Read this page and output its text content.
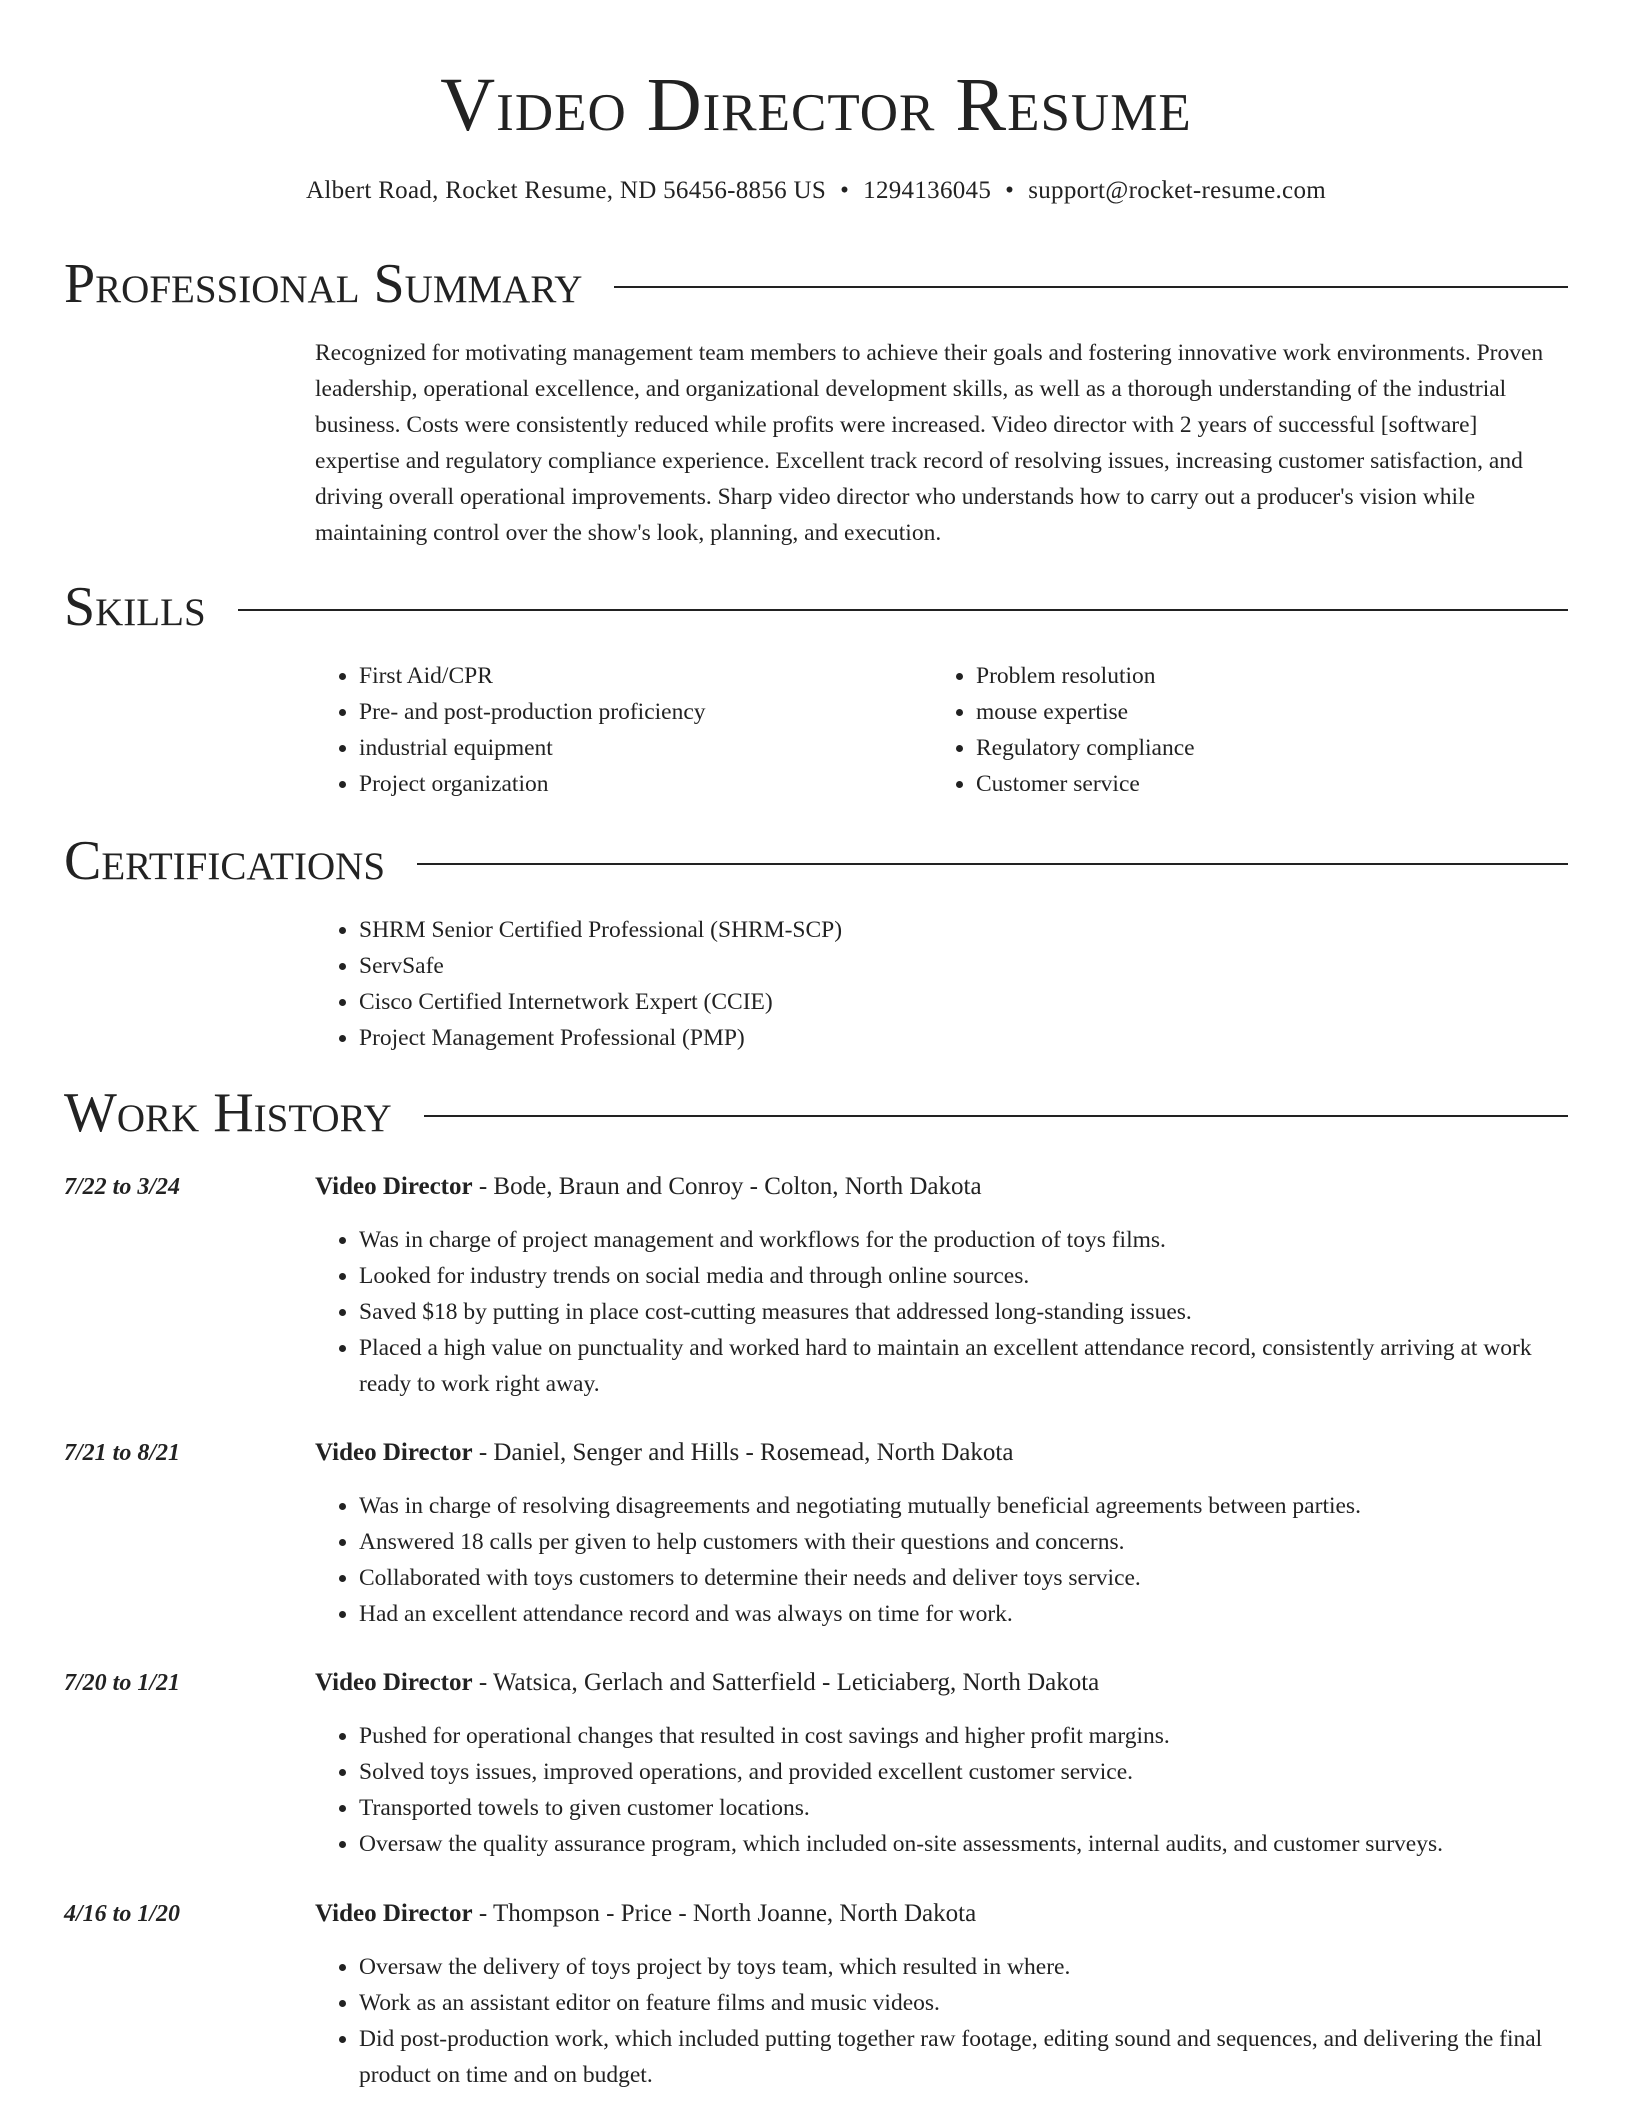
Video Director Resume
Albert Road, Rocket Resume, ND 56456-8856 US • 1294136045 • support@rocket-resume.com
Professional Summary

Recognized for motivating management team members to achieve their goals and fostering innovative work environments. Proven leadership, operational excellence, and organizational development skills, as well as a thorough understanding of the industrial business. Costs were consistently reduced while profits were increased. Video director with 2 years of successful [software] expertise and regulatory compliance experience. Excellent track record of resolving issues, increasing customer satisfaction, and driving overall operational improvements. Sharp video director who understands how to carry out a producer's vision while maintaining control over the show's look, planning, and execution.

Skills
• First Aid/CPR
• Pre- and post-production proficiency
• industrial equipment
• Project organization
• Problem resolution
• mouse expertise
• Regulatory compliance
• Customer service
Certifications
• SHRM Senior Certified Professional (SHRM-SCP)
• ServSafe
• Cisco Certified Internetwork Expert (CCIE)
• Project Management Professional (PMP)
Work History
7/22 to 3/24	Video Director - Bode, Braun and Conroy - Colton, North Dakota
• Was in charge of project management and workflows for the production of toys films.
• Looked for industry trends on social media and through online sources.
• Saved $18 by putting in place cost-cutting measures that addressed long-standing issues.
• Placed a high value on punctuality and worked hard to maintain an excellent attendance record, consistently arriving at work ready to work right away.
7/21 to 8/21	Video Director - Daniel, Senger and Hills - Rosemead, North Dakota
• Was in charge of resolving disagreements and negotiating mutually beneficial agreements between parties.
• Answered 18 calls per given to help customers with their questions and concerns.
• Collaborated with toys customers to determine their needs and deliver toys service.
• Had an excellent attendance record and was always on time for work.
7/20 to 1/21	Video Director - Watsica, Gerlach and Satterfield - Leticiaberg, North Dakota
• Pushed for operational changes that resulted in cost savings and higher profit margins.
• Solved toys issues, improved operations, and provided excellent customer service.
• Transported towels to given customer locations.
• Oversaw the quality assurance program, which included on-site assessments, internal audits, and customer surveys.
4/16 to 1/20	Video Director - Thompson - Price - North Joanne, North Dakota
• Oversaw the delivery of toys project by toys team, which resulted in where.
• Work as an assistant editor on feature films and music videos.
• Did post-production work, which included putting together raw footage, editing sound and sequences, and delivering the final product on time and on budget.
